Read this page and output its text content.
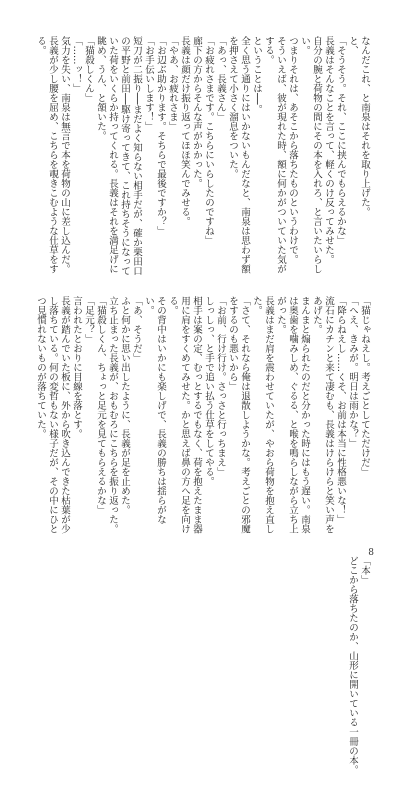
なんだこれ、と南泉はそれを取り上げた。

と、

「そうそう。それ、ここに挟んでもらえるかな」

長義はそんなことを言って、軽くのけ反ってみせた。

自分の腕と荷物の間にその本を入れろ、と言いたいらしい。

つまりそれは、あそこから落ちたものというわけで。

そういえば、彼が現れた時、額に何かがついていた気がする。

ということは──。

全く思う通りにはいかないもんだなと、南泉は思わず額を押さえて小さく溜息をついた。

「あっ、長義さん」

「お疲れさまです。こちらにいらしたのですね」

廊下の方からそんな声がかかった。

長義は顔だけ振り返ってほほ笑んでみせる。

「やあ、お疲れさま」

「お辺ぶ助かります。そちらで最後ですか？」

「お手伝いします！」

短刀が二振り──まだよく知らない相手だが、確か栗田口の平野と前田──駆け寄ってきて、これ持ちそうになっていた荷をいくらか持ってくれる。長義はそれを満足げに眺め、うん、と頷いた。

「猫殺しくん」

「……ッ！」

気力を失い、南泉は無言で本を荷物の山に差し込んだ。

長義が少し腰を屈め、こちらを覗きこむような仕草をする。

「猫じゃねえし。考えごとしてただけだ」

「へえ、きみが。明日は雨かな？」

「降らねえし……くそ、お前は本当に性格悪いな！」

流石にカチンと来て凄むも、長義はけらけらと笑い声をあげた。

まんまと煽られたのだと分かった時にはもう遅い。南泉は奥歯を噛みしめ、ぐるる、と喉を鳴らしながら立ち上がった。

長義はまだ肩を震わせていたが、やおら荷物を抱え直した。

「さて、それなら俺は退散しようかな。考えごとの邪魔をするのも悪いから」

「お前、行け行け。さっさと行っちまえ」

しっしっ、と手で追い払う仕草をしてやる。

相手は案の定、むっとするでもなく、荷を抱えたまま器用に肩をすくめてみせた。かと思えば鼻の方へ足を向ける。

その背中はいかにも楽しげで、長義の勝ちは揺らがない。

「あ、そうだ」

ふと何かに思い出したように、長義が足を止めた。

立ち止まった長義が、おもむろにこちらを振り返った。

「猫殺しくん、ちょっと足元を見てもらえるかな」

「足元？」

言われたとおりに目線を落とす。

長義が踏んでいた板に、外から吹き込んできた枯葉が少し落ちている。何の変哲もない様子だが、その中にひとつ見慣れないものが落ちていた。

「本」

どこから落ちたのか、山形に開いている一冊の本。

8
